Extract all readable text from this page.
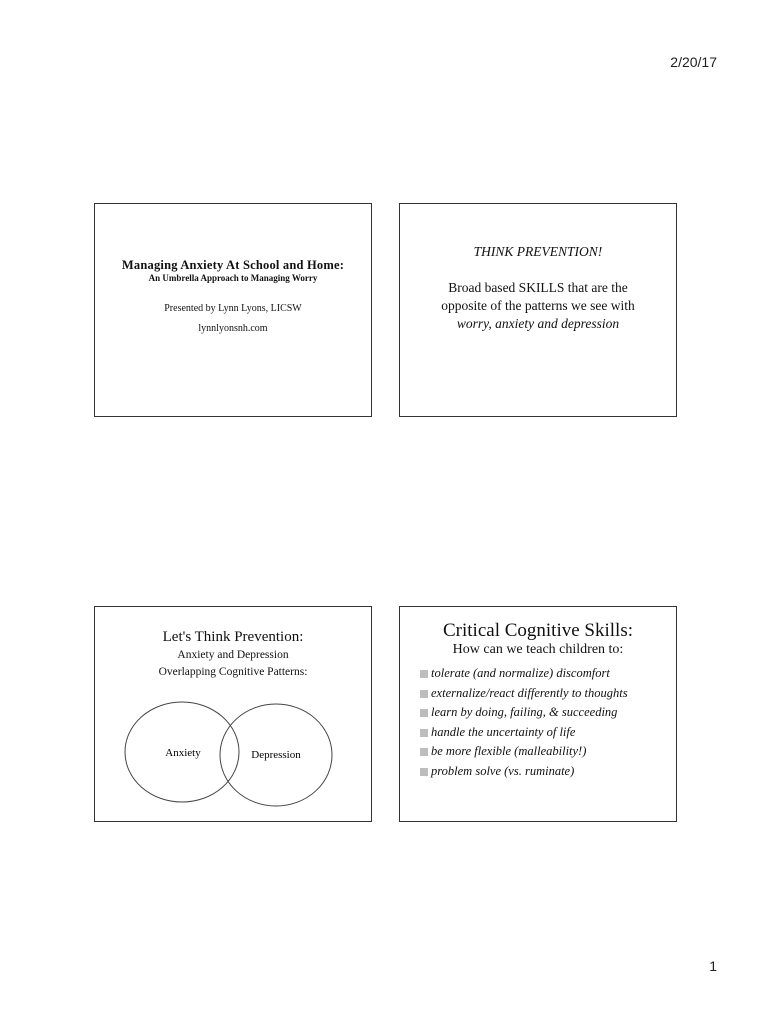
2/20/17
Managing Anxiety At School and Home:
An Umbrella Approach to Managing Worry
Presented by Lynn Lyons, LICSW
lynnlyonsnh.com
THINK PREVENTION!
Broad based SKILLS that are the
opposite of the patterns we see with
worry, anxiety and depression
Let's Think Prevention:
Anxiety and Depression
Overlapping Cognitive Patterns:
Anxiety	Depression
Critical Cognitive Skills:
How can we teach children to:
tolerate (and normalize) discomfort
externalize/react differently to thoughts
learn by doing, failing, & succeeding
handle the uncertainty of life
be more flexible (malleability!)
problem solve (vs. ruminate)
1
